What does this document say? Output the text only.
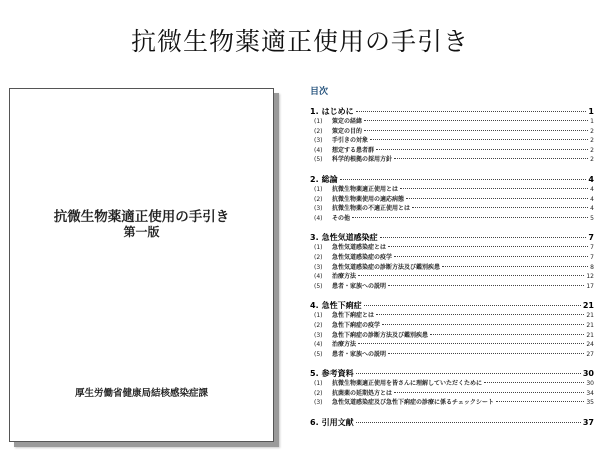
抗微生物薬適正使用の手引き
抗微生物薬適正使用の手引き
第一版
厚生労働省健康局結核感染症課
目次
1. はじめに	1
(1)	策定の経緯	1
(2)	策定の目的	2
(3)	手引きの対象	2
(4)	想定する患者群	2
(5)	科学的根拠の採用方針	2
2. 総論	4
(1)	抗微生物薬適正使用とは	4
(2)	抗微生物薬使用の適応病態	4
(3)	抗微生物薬の不適正使用とは	4
(4)	その他	5
3. 急性気道感染症	7
(1)	急性気道感染症とは	7
(2)	急性気道感染症の疫学	7
(3)	急性気道感染症の診断方法及び鑑別疾患	8
(4)	治療方法	12
(5)	患者・家族への説明	17
4. 急性下痢症	21
(1)	急性下痢症とは	21
(2)	急性下痢症の疫学	21
(3)	急性下痢症の診断方法及び鑑別疾患	21
(4)	治療方法	24
(5)	患者・家族への説明	27
5. 参考資料	30
(1)	抗微生物薬適正使用を皆さんに理解していただくために	30
(2)	抗菌薬の延期処方とは	34
(3)	急性気道感染症及び急性下痢症の診療に係るチェックシート	35
6. 引用文献	37
